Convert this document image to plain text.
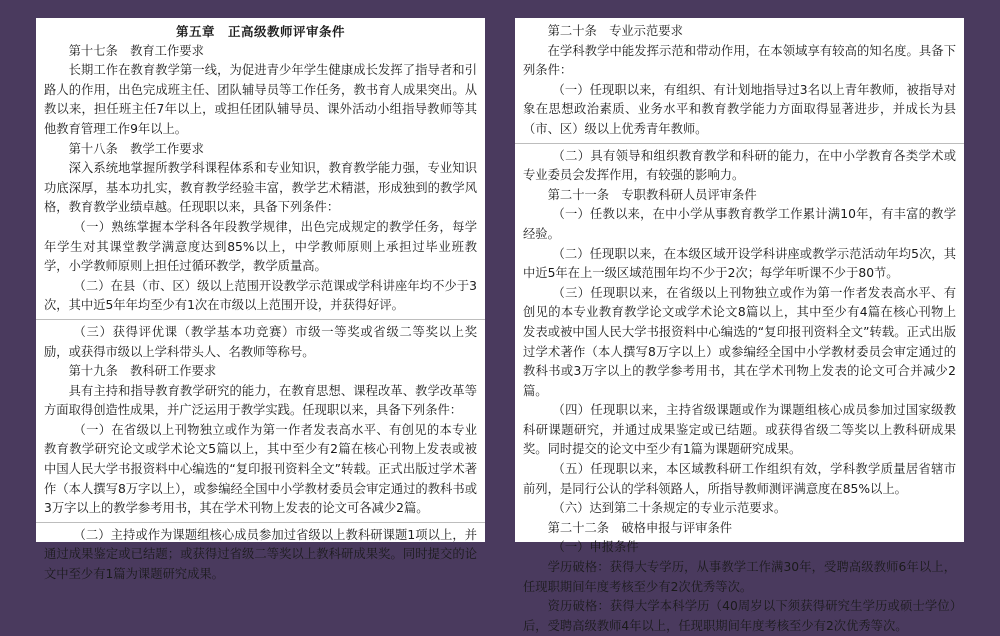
第五章　正高级教师评审条件

第十七条　教育工作要求

长期工作在教育教学第一线，为促进青少年学生健康成长发挥了指导者和引路人的作用，出色完成班主任、团队辅导员等工作任务，教书育人成果突出。从教以来，担任班主任7年以上，或担任团队辅导员、课外活动小组指导教师等其他教育管理工作9年以上。

第十八条　教学工作要求

深入系统地掌握所教学科课程体系和专业知识，教育教学能力强，专业知识功底深厚，基本功扎实，教育教学经验丰富，教学艺术精湛，形成独到的教学风格，教育教学业绩卓越。任现职以来，具备下列条件：

（一）熟练掌握本学科各年段教学规律，出色完成规定的教学任务，每学年学生对其课堂教学满意度达到85%以上，中学教师原则上承担过毕业班教学，小学教师原则上担任过循环教学，教学质量高。

（二）在县（市、区）级以上范围开设教学示范课或学科讲座年均不少于3次，其中近5年年均至少有1次在市级以上范围开设，并获得好评。

（三）获得评优课（教学基本功竞赛）市级一等奖或省级二等奖以上奖励，或获得市级以上学科带头人、名教师等称号。

第十九条　教科研工作要求

具有主持和指导教育教学研究的能力，在教育思想、课程改革、教学改革等方面取得创造性成果，并广泛运用于教学实践。任现职以来，具备下列条件：

（一）在省级以上刊物独立或作为第一作者发表高水平、有创见的本专业教育教学研究论文或学术论文5篇以上，其中至少有2篇在核心刊物上发表或被中国人民大学书报资料中心编选的“复印报刊资料全文”转载。正式出版过学术著作（本人撰写8万字以上），或参编经全国中小学教材委员会审定通过的教科书或3万字以上的教学参考用书，其在学术刊物上发表的论文可各减少2篇。

（二）主持或作为课题组核心成员参加过省级以上教科研课题1项以上，并通过成果鉴定或已结题；或获得过省级二等奖以上教科研成果奖。同时提交的论文中至少有1篇为课题研究成果。

第二十条　专业示范要求

在学科教学中能发挥示范和带动作用，在本领域享有较高的知名度。具备下列条件：

（一）任现职以来，有组织、有计划地指导过3名以上青年教师，被指导对象在思想政治素质、业务水平和教育教学能力方面取得显著进步，并成长为县（市、区）级以上优秀青年教师。

（二）具有领导和组织教育教学和科研的能力，在中小学教育各类学术或专业委员会发挥作用，有较强的影响力。

第二十一条　专职教科研人员评审条件

（一）任教以来，在中小学从事教育教学工作累计满10年，有丰富的教学经验。

（二）任现职以来，在本级区域开设学科讲座或教学示范活动年均5次，其中近5年在上一级区域范围年均不少于2次；每学年听课不少于80节。

（三）任现职以来，在省级以上刊物独立或作为第一作者发表高水平、有创见的本专业教育教学论文或学术论文8篇以上，其中至少有4篇在核心刊物上发表或被中国人民大学书报资料中心编选的“复印报刊资料全文”转载。正式出版过学术著作（本人撰写8万字以上）或参编经全国中小学教材委员会审定通过的教科书或3万字以上的教学参考用书，其在学术刊物上发表的论文可合并减少2篇。

（四）任现职以来，主持省级课题或作为课题组核心成员参加过国家级教科研课题研究，并通过成果鉴定或已结题。或获得省级二等奖以上教科研成果奖。同时提交的论文中至少有1篇为课题研究成果。

（五）任现职以来，本区域教科研工作组织有效，学科教学质量居省辖市前列，是同行公认的学科领路人，所指导教师测评满意度在85%以上。

（六）达到第二十条规定的专业示范要求。

第二十二条　破格申报与评审条件

（一）申报条件

学历破格：获得大专学历，从事教学工作满30年，受聘高级教师6年以上，任现职期间年度考核至少有2次优秀等次。

资历破格：获得大学本科学历（40周岁以下须获得研究生学历或硕士学位）后，受聘高级教师4年以上，任现职期间年度考核至少有2次优秀等次。
